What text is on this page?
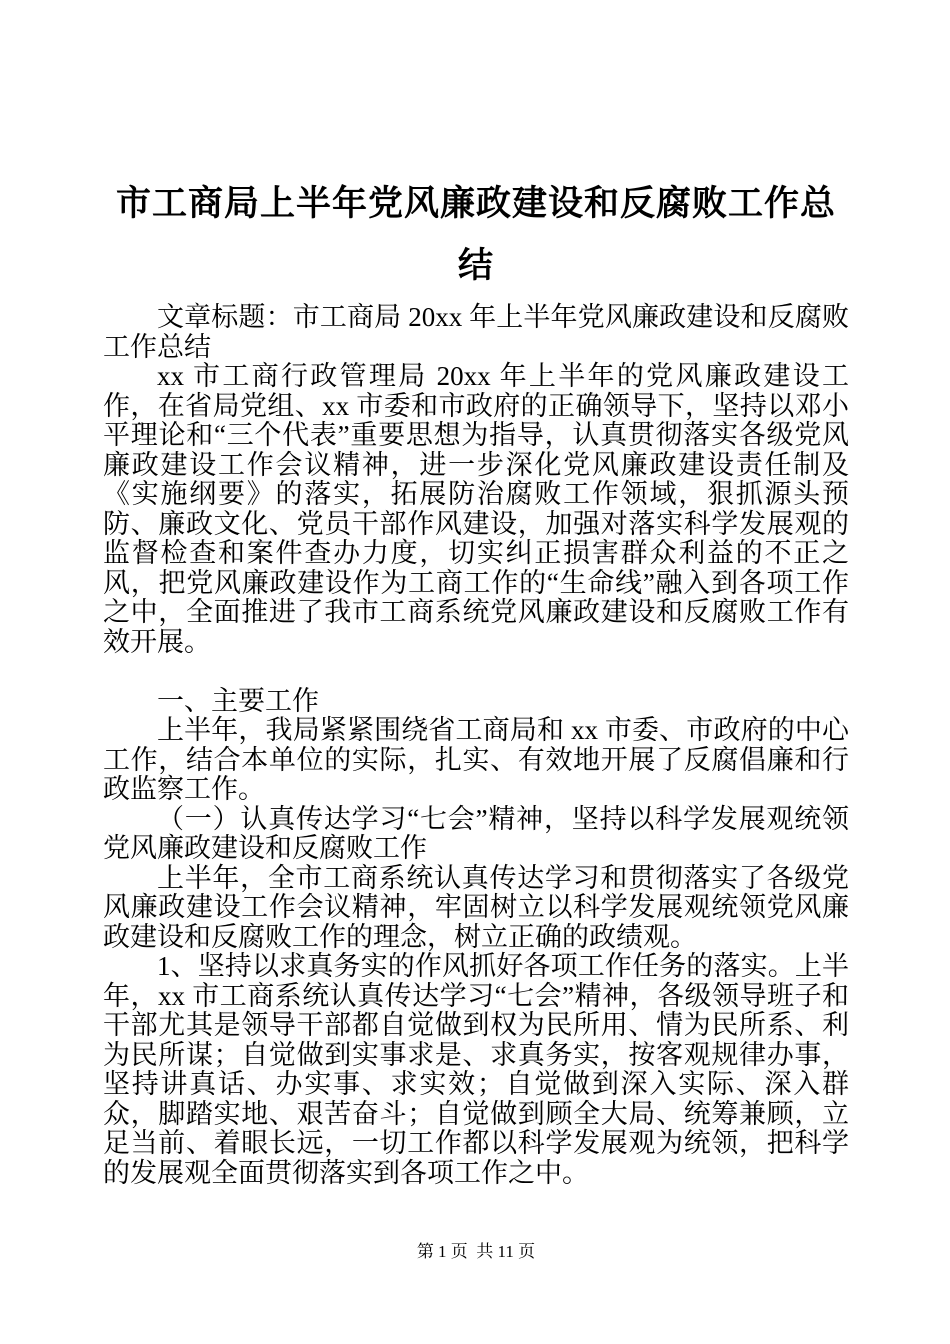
市工商局上半年党风廉政建设和反腐败工作总
结

文章标题：市工商局 20xx 年上半年党风廉政建设和反腐败工作总结

xx 市工商行政管理局 20xx 年上半年的党风廉政建设工作，在省局党组、xx 市委和市政府的正确领导下，坚持以邓小平理论和“三个代表”重要思想为指导，认真贯彻落实各级党风廉政建设工作会议精神，进一步深化党风廉政建设责任制及《实施纲要》的落实，拓展防治腐败工作领域，狠抓源头预防、廉政文化、党员干部作风建设，加强对落实科学发展观的监督检查和案件查办力度，切实纠正损害群众利益的不正之风，把党风廉政建设作为工商工作的“生命线”融入到各项工作之中，全面推进了我市工商系统党风廉政建设和反腐败工作有效开展。

一、主要工作

上半年，我局紧紧围绕省工商局和 xx 市委、市政府的中心工作，结合本单位的实际，扎实、有效地开展了反腐倡廉和行政监察工作。

（一）认真传达学习“七会”精神，坚持以科学发展观统领党风廉政建设和反腐败工作

上半年，全市工商系统认真传达学习和贯彻落实了各级党风廉政建设工作会议精神，牢固树立以科学发展观统领党风廉政建设和反腐败工作的理念，树立正确的政绩观。

1、坚持以求真务实的作风抓好各项工作任务的落实。上半年，xx 市工商系统认真传达学习“七会”精神，各级领导班子和干部尤其是领导干部都自觉做到权为民所用、情为民所系、利为民所谋；自觉做到实事求是、求真务实，按客观规律办事，坚持讲真话、办实事、求实效；自觉做到深入实际、深入群众，脚踏实地、艰苦奋斗；自觉做到顾全大局、统筹兼顾，立足当前、着眼长远，一切工作都以科学发展观为统领，把科学的发展观全面贯彻落实到各项工作之中。

第 1 页  共 11 页
